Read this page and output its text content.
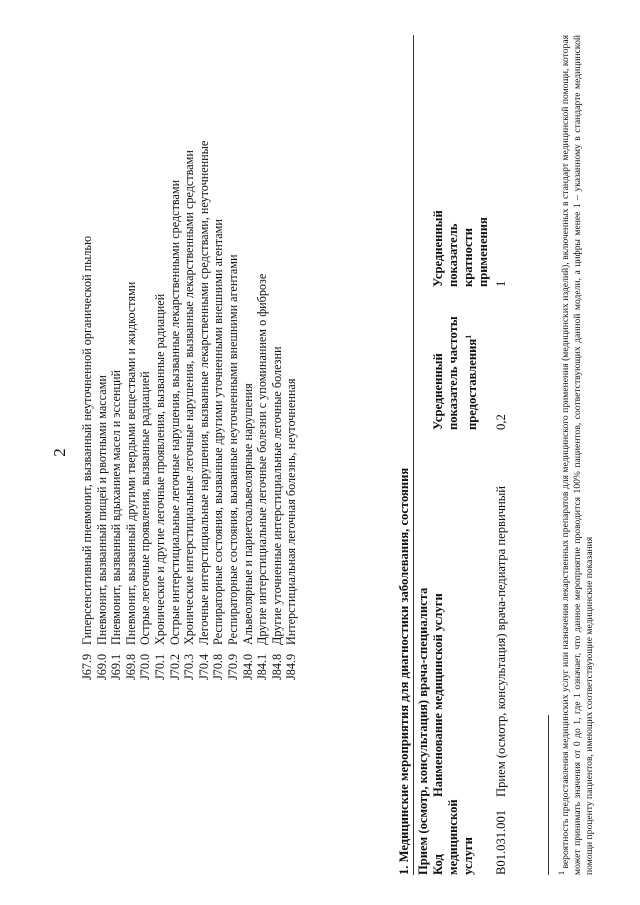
2
J67.9
Гиперсенситивный пневмонит, вызванный неуточненной органической пылью
J69.0
Пневмонит, вызванный пищей и рвотными массами
J69.1
Пневмонит, вызванный вдыханием масел и эссенций
J69.8
Пневмонит, вызванный другими твердыми веществами и жидкостями
J70.0
Острые легочные проявления, вызванные радиацией
J70.1
Хронические и другие легочные проявления, вызванные радиацией
J70.2
Острые интерстициальные легочные нарушения, вызванные лекарственными средствами
J70.3
Хронические интерстициальные легочные нарушения, вызванные лекарственными средствами
J70.4
Легочные интерстициальные нарушения, вызванные лекарственными средствами, неуточненные
J70.8
Респираторные состояния, вызванные другими уточненными внешними агентами
J70.9
Респираторные состояния, вызванные неуточненными внешними агентами
J84.0
Альвеолярные и париетоальвеолярные нарушения
J84.1
Другие интерстициальные легочные болезни с упоминанием о фиброзе
J84.8
Другие уточненные интерстициальные легочные болезни
J84.9
Интерстициальная легочная болезнь, неуточненная	1. Медицинские мероприятия для диагностики заболевания, состояния Прием (осмотр, консультация) врача-специалиста Код медицинской услуги
Наименование медицинской услуги
Усредненный показатель частоты предоставления$^1$
Усредненный показатель кратности применения
B01.031.001
Прием (осмотр, консультация) врача-педиатра первичный
0,2
1
$^1$ вероятность предоставления медицинских услуг или назначения лекарственных препаратов для медицинского применения (медицинских изделий), включенных в стандарт медицинской помощи, которая может принимать значения от 0 до 1, где 1 означает, что данное мероприятие проводится 100% пациентов, соответствующих данной модели, а цифры менее 1 – указанному в стандарте медицинской помощи проценту пациентов, имеющих соответствующие медицинские показания
